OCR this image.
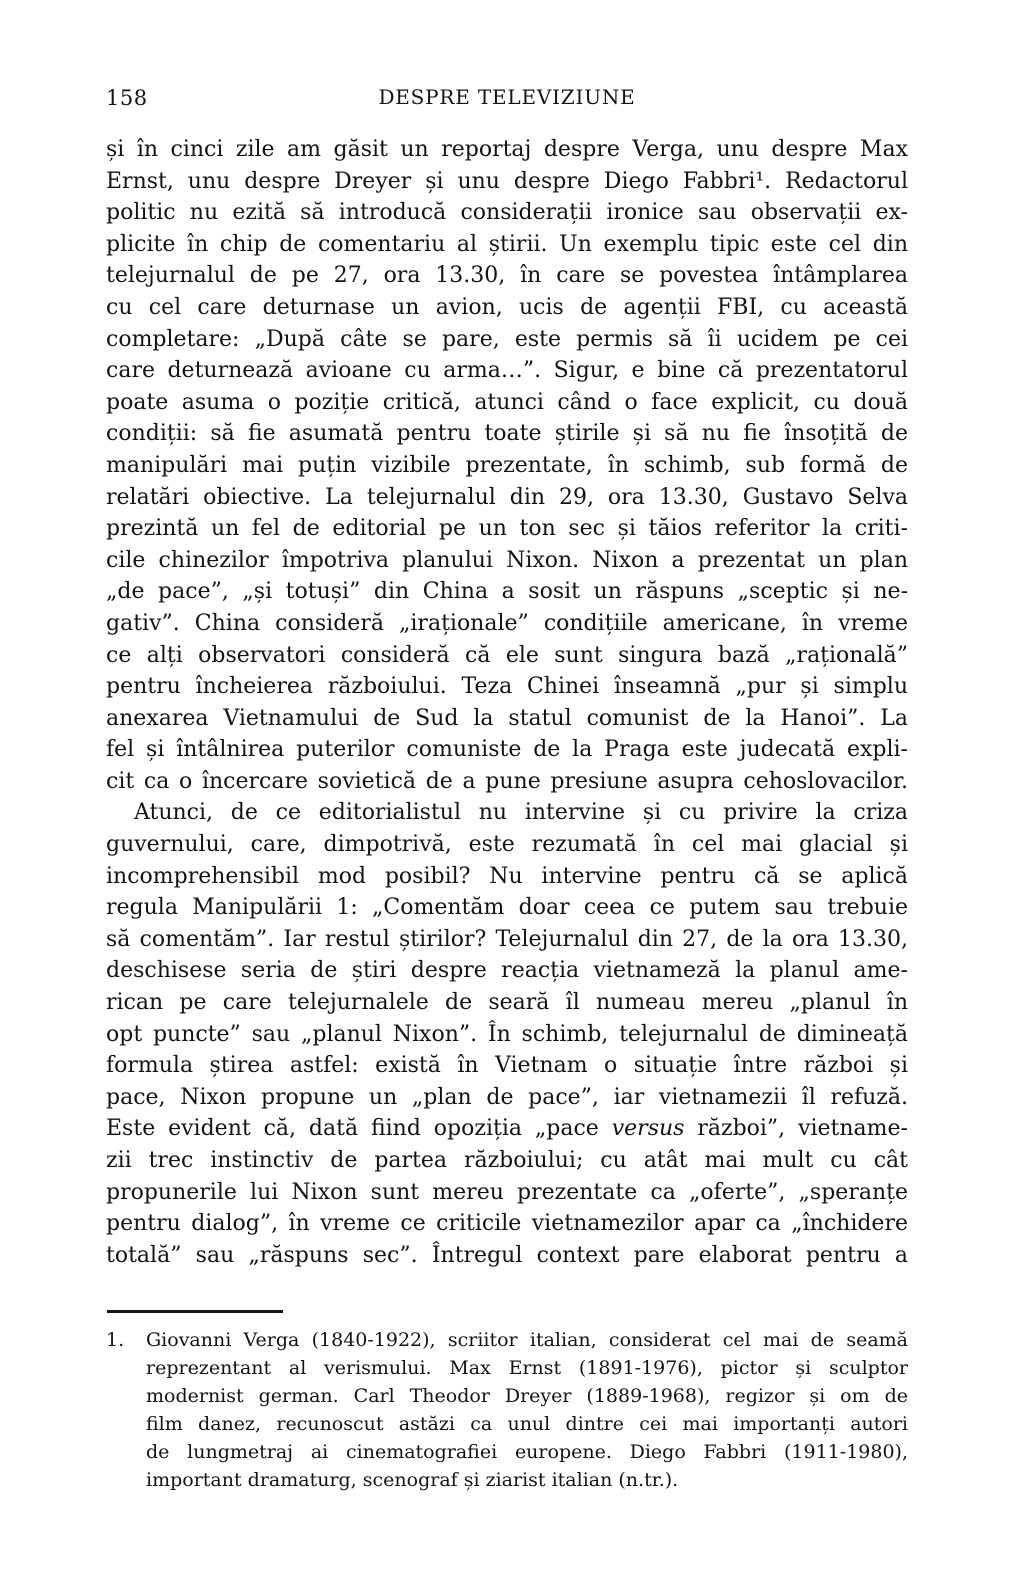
158	DESPRE TELEVIZIUNE
și în cinci zile am găsit un reportaj despre Verga, unu despre Max
Ernst, unu despre Dreyer și unu despre Diego Fabbri¹. Redactorul
politic nu ezită să introducă considerații ironice sau observații ex-
plicite în chip de comentariu al știrii. Un exemplu tipic este cel din
telejurnalul de pe 27, ora 13.30, în care se povestea întâmplarea
cu cel care deturnase un avion, ucis de agenții FBI, cu această
completare: „După câte se pare, este permis să îi ucidem pe cei
care deturnează avioane cu arma…”. Sigur, e bine că prezentatorul
poate asuma o poziție critică, atunci când o face explicit, cu două
condiții: să fie asumată pentru toate știrile și să nu fie însoțită de
manipulări mai puțin vizibile prezentate, în schimb, sub formă de
relatări obiective. La telejurnalul din 29, ora 13.30, Gustavo Selva
prezintă un fel de editorial pe un ton sec și tăios referitor la criti-
cile chinezilor împotriva planului Nixon. Nixon a prezentat un plan
„de pace”, „și totuși” din China a sosit un răspuns „sceptic și ne-
gativ”. China consideră „iraționale” condițiile americane, în vreme
ce alți observatori consideră că ele sunt singura bază „rațională”
pentru încheierea războiului. Teza Chinei înseamnă „pur și simplu
anexarea Vietnamului de Sud la statul comunist de la Hanoi”. La
fel și întâlnirea puterilor comuniste de la Praga este judecată expli-
cit ca o încercare sovietică de a pune presiune asupra cehoslovacilor.
Atunci, de ce editorialistul nu intervine și cu privire la criza
guvernului, care, dimpotrivă, este rezumată în cel mai glacial și
incomprehensibil mod posibil? Nu intervine pentru că se aplică
regula Manipulării 1: „Comentăm doar ceea ce putem sau trebuie
să comentăm”. Iar restul știrilor? Telejurnalul din 27, de la ora 13.30,
deschisese seria de știri despre reacția vietnameză la planul ame-
rican pe care telejurnalele de seară îl numeau mereu „planul în
opt puncte” sau „planul Nixon”. În schimb, telejurnalul de dimineață
formula știrea astfel: există în Vietnam o situație între război și
pace, Nixon propune un „plan de pace”, iar vietnamezii îl refuză.
Este evident că, dată fiind opoziția „pace versus război”, vietname-
zii trec instinctiv de partea războiului; cu atât mai mult cu cât
propunerile lui Nixon sunt mereu prezentate ca „oferte”, „speranțe
pentru dialog”, în vreme ce criticile vietnamezilor apar ca „închidere
totală” sau „răspuns sec”. Întregul context pare elaborat pentru a
1. Giovanni Verga (1840-1922), scriitor italian, considerat cel mai de seamă
reprezentant al verismului. Max Ernst (1891-1976), pictor și sculptor
modernist german. Carl Theodor Dreyer (1889-1968), regizor și om de
film danez, recunoscut astăzi ca unul dintre cei mai importanți autori
de lungmetraj ai cinematografiei europene. Diego Fabbri (1911-1980),
important dramaturg, scenograf și ziarist italian (n.tr.).
